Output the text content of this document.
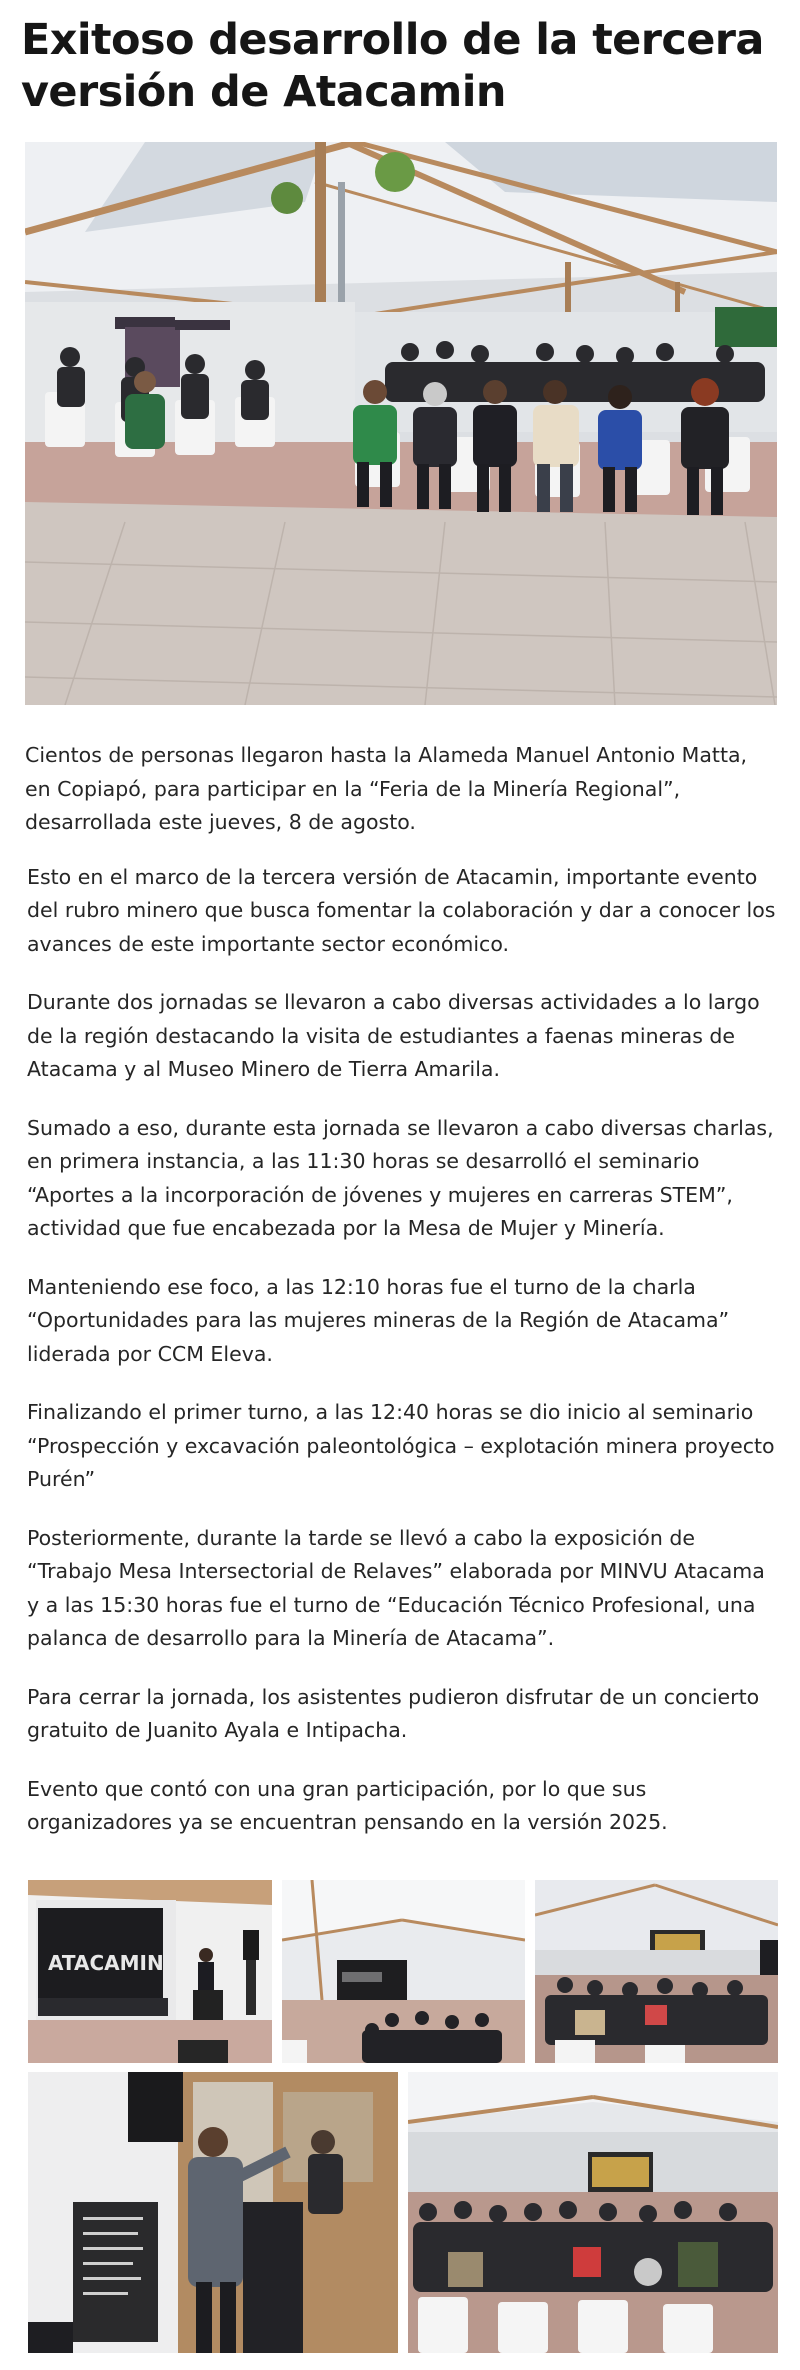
Exitoso desarrollo de la tercera versión de Atacamin

Cientos de personas llegaron hasta la Alameda Manuel Antonio Matta, en Copiapó, para participar en la “Feria de la Minería Regional”, desarrollada este jueves, 8 de agosto.

Esto en el marco de la tercera versión de Atacamin, importante evento del rubro minero que busca fomentar la colaboración y dar a conocer los avances de este importante sector económico.

Durante dos jornadas se llevaron a cabo diversas actividades a lo largo de la región destacando la visita de estudiantes a faenas mineras de Atacama y al Museo Minero de Tierra Amarila.

Sumado a eso, durante esta jornada se llevaron a cabo diversas charlas, en primera instancia, a las 11:30 horas se desarrolló el seminario “Aportes a la incorporación de jóvenes y mujeres en carreras STEM”, actividad que fue encabezada por la Mesa de Mujer y Minería.

Manteniendo ese foco, a las 12:10 horas fue el turno de la charla “Oportunidades para las mujeres mineras de la Región de Atacama” liderada por CCM Eleva.

Finalizando el primer turno, a las 12:40 horas se dio inicio al seminario “Prospección y excavación paleontológica – explotación minera proyecto Purén”

Posteriormente, durante la tarde se llevó a cabo la exposición de “Trabajo Mesa Intersectorial de Relaves” elaborada por MINVU Atacama y a las 15:30 horas fue el turno de “Educación Técnico Profesional, una palanca de desarrollo para la Minería de Atacama”.

Para cerrar la jornada, los asistentes pudieron disfrutar de un concierto gratuito de Juanito Ayala e Intipacha.

Evento que contó con una gran participación, por lo que sus organizadores ya se encuentran pensando en la versión 2025.

ATACAMIN
